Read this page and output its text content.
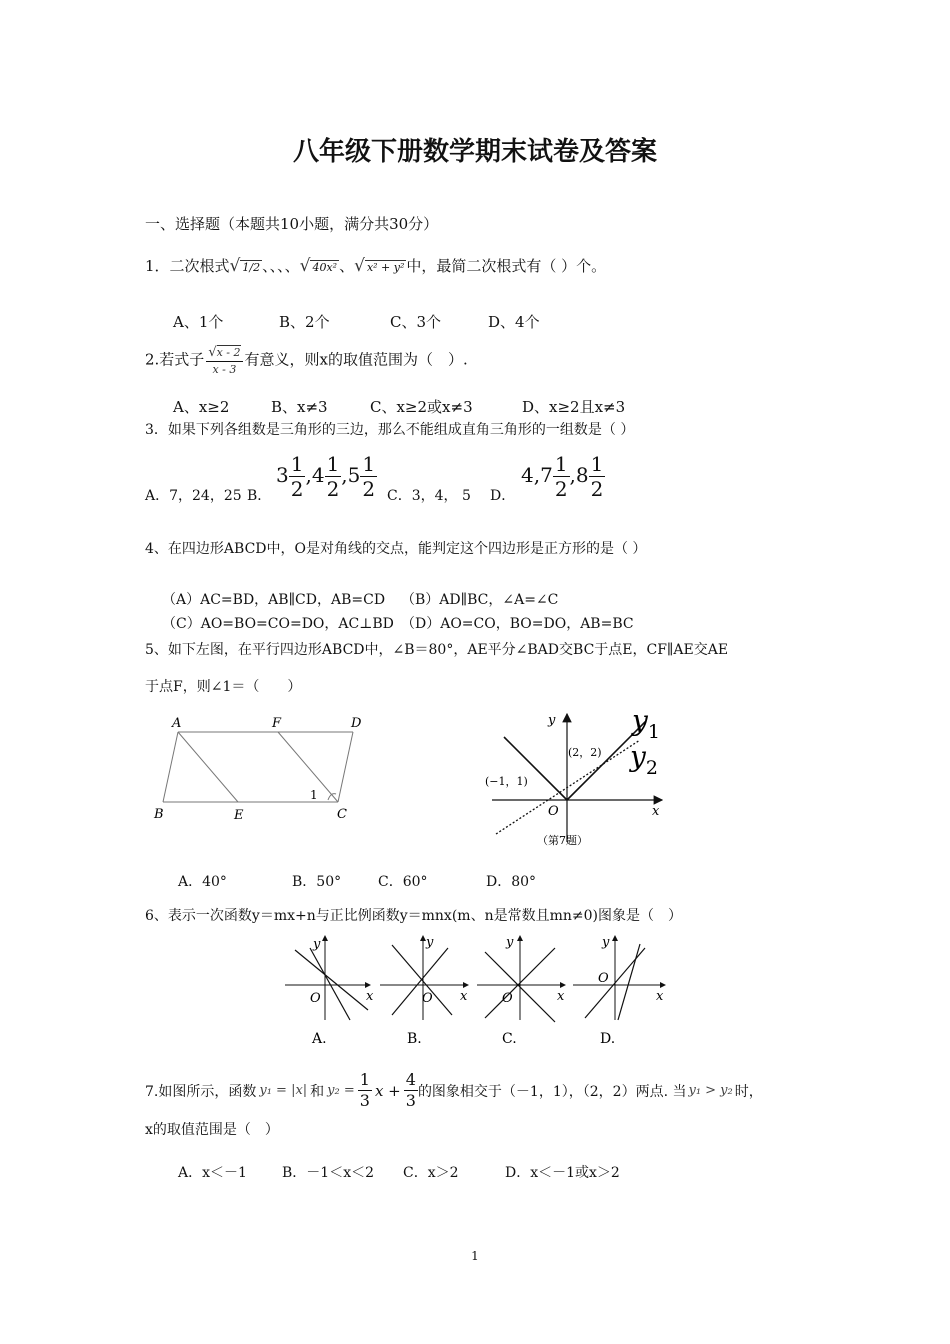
八年级下册数学期末试卷及答案
一、选择题（本题共10小题，满分共30分）
1．二次根式√ 1/2 、、、、√ 40x² 、√ x² + y² 中，最简二次根式有（ ）个。
A、1个	B、2个	C、3个	D、4个
2.若式子 $\frac{√x - 2}{x - 3}$ 有意义，则x的取值范围为（　）.
A、x≥2	B、x≠3	C、x≥2或x≠3	D、x≥2且x≠3
3．如果下列各组数是三角形的三边，那么不能组成直角三角形的一组数是（ ）
A．7，24，25 B．
$3 \frac{1}{2} ,4 \frac{1}{2} ,5 \frac{1}{2}$ C．3，4， 5 D．
$4,7 \frac{1}{2} ,8 \frac{1}{2}$
4、在四边形ABCD中，O是对角线的交点，能判定这个四边形是正方形的是（ ）
（A）AC=BD，AB∥CD，AB=CD （B）AD∥BC，∠A=∠C
（C）AO=BO=CO=DO，AC⊥BD （D）AO=CO，BO=DO，AB=BC
5、如下左图，在平行四边形ABCD中，∠B＝80°，AE平分∠BAD交BC于点E，CF∥AE交AE
于点F，则∠1＝（　　）
A	F	D
B	E	C
1
y
x
O
$y_1$
$y_2$
(2，2)
(−1，1)
（第7题）
A．40°	B．50°	C．60°	D．80°
6、表示一次函数y＝mx+n与正比例函数y＝mnx(m、n是常数且mn≠0)图象是（　）
y
x
O
A.
y
x
O
B.
y
x
O
C.
y
x
O
D.
7.如图所示，函数 y₁ = |x| 和 $y_2 = \frac{1}{3}$ $x + \frac{4}{3}$ 的图象相交于（－1，1），（2，2）两点. 当 y₁ > y₂ 时，
x的取值范围是（　）
A．x＜－1	B．－1＜x＜2 C．x＞2	D．x＜－1或x＞2
1
